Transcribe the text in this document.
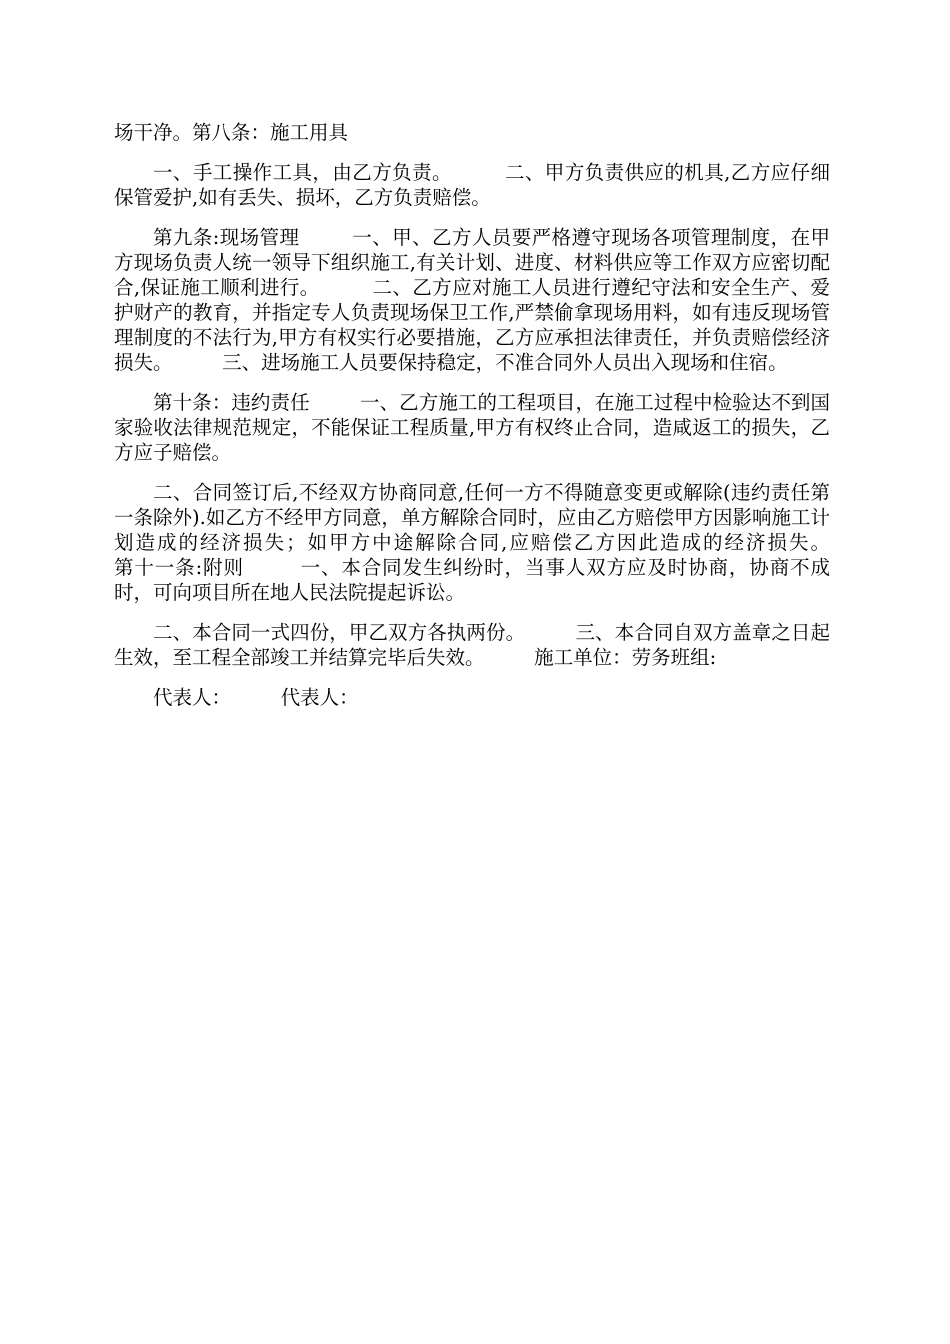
场干净。第八条：施工用具

一、手工操作工具，由乙方负责。        二、甲方负责供应的机具,乙方应仔细保管爱护,如有丢失、损坏，乙方负责赔偿。

第九条:现场管理        一、甲、乙方人员要严格遵守现场各项管理制度，在甲方现场负责人统一领导下组织施工,有关计划、进度、材料供应等工作双方应密切配合,保证施工顺利进行。        二、乙方应对施工人员进行遵纪守法和安全生产、爱护财产的教育，并指定专人负责现场保卫工作,严禁偷拿现场用料，如有违反现场管理制度的不法行为,甲方有权实行必要措施，乙方应承担法律责任，并负责赔偿经济损失。        三、进场施工人员要保持稳定，不准合同外人员出入现场和住宿。

第十条：违约责任        一、乙方施工的工程项目，在施工过程中检验达不到国家验收法律规范规定，不能保证工程质量,甲方有权终止合同，造咸返工的损失，乙方应子赔偿。

二、合同签订后,不经双方协商同意,任何一方不得随意变更或解除(违约责任第一条除外).如乙方不经甲方同意，单方解除合同时，应由乙方赔偿甲方因影响施工计划造成的经济损失；如甲方中途解除合同,应赔偿乙方因此造成的经济损失。        第十一条:附则        一、本合同发生纠纷时，当事人双方应及时协商，协商不成时，可向项目所在地人民法院提起诉讼。

二、本合同一式四份，甲乙双方各执两份。        三、本合同自双方盖章之日起生效，至工程全部竣工并结算完毕后失效。        施工单位：劳务班组:

代表人：        代表人：
